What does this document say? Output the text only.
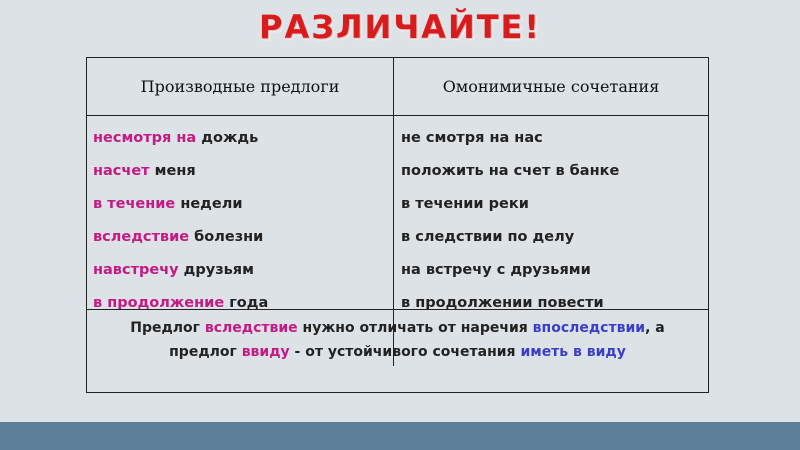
РАЗЛИЧАЙТЕ!
Производные предлоги	Омонимичные сочетания
несмотря на дождь
насчет меня
в течение недели
вследствие болезни
навстречу друзьям
в продолжение года
не смотря на нас
положить на счет в банке
в течении реки
в следствии по делу
на встречу с друзьями
в продолжении повести
Предлог вследствие нужно отличать от наречия впоследствии, а предлог ввиду - от устойчивого сочетания иметь в виду
